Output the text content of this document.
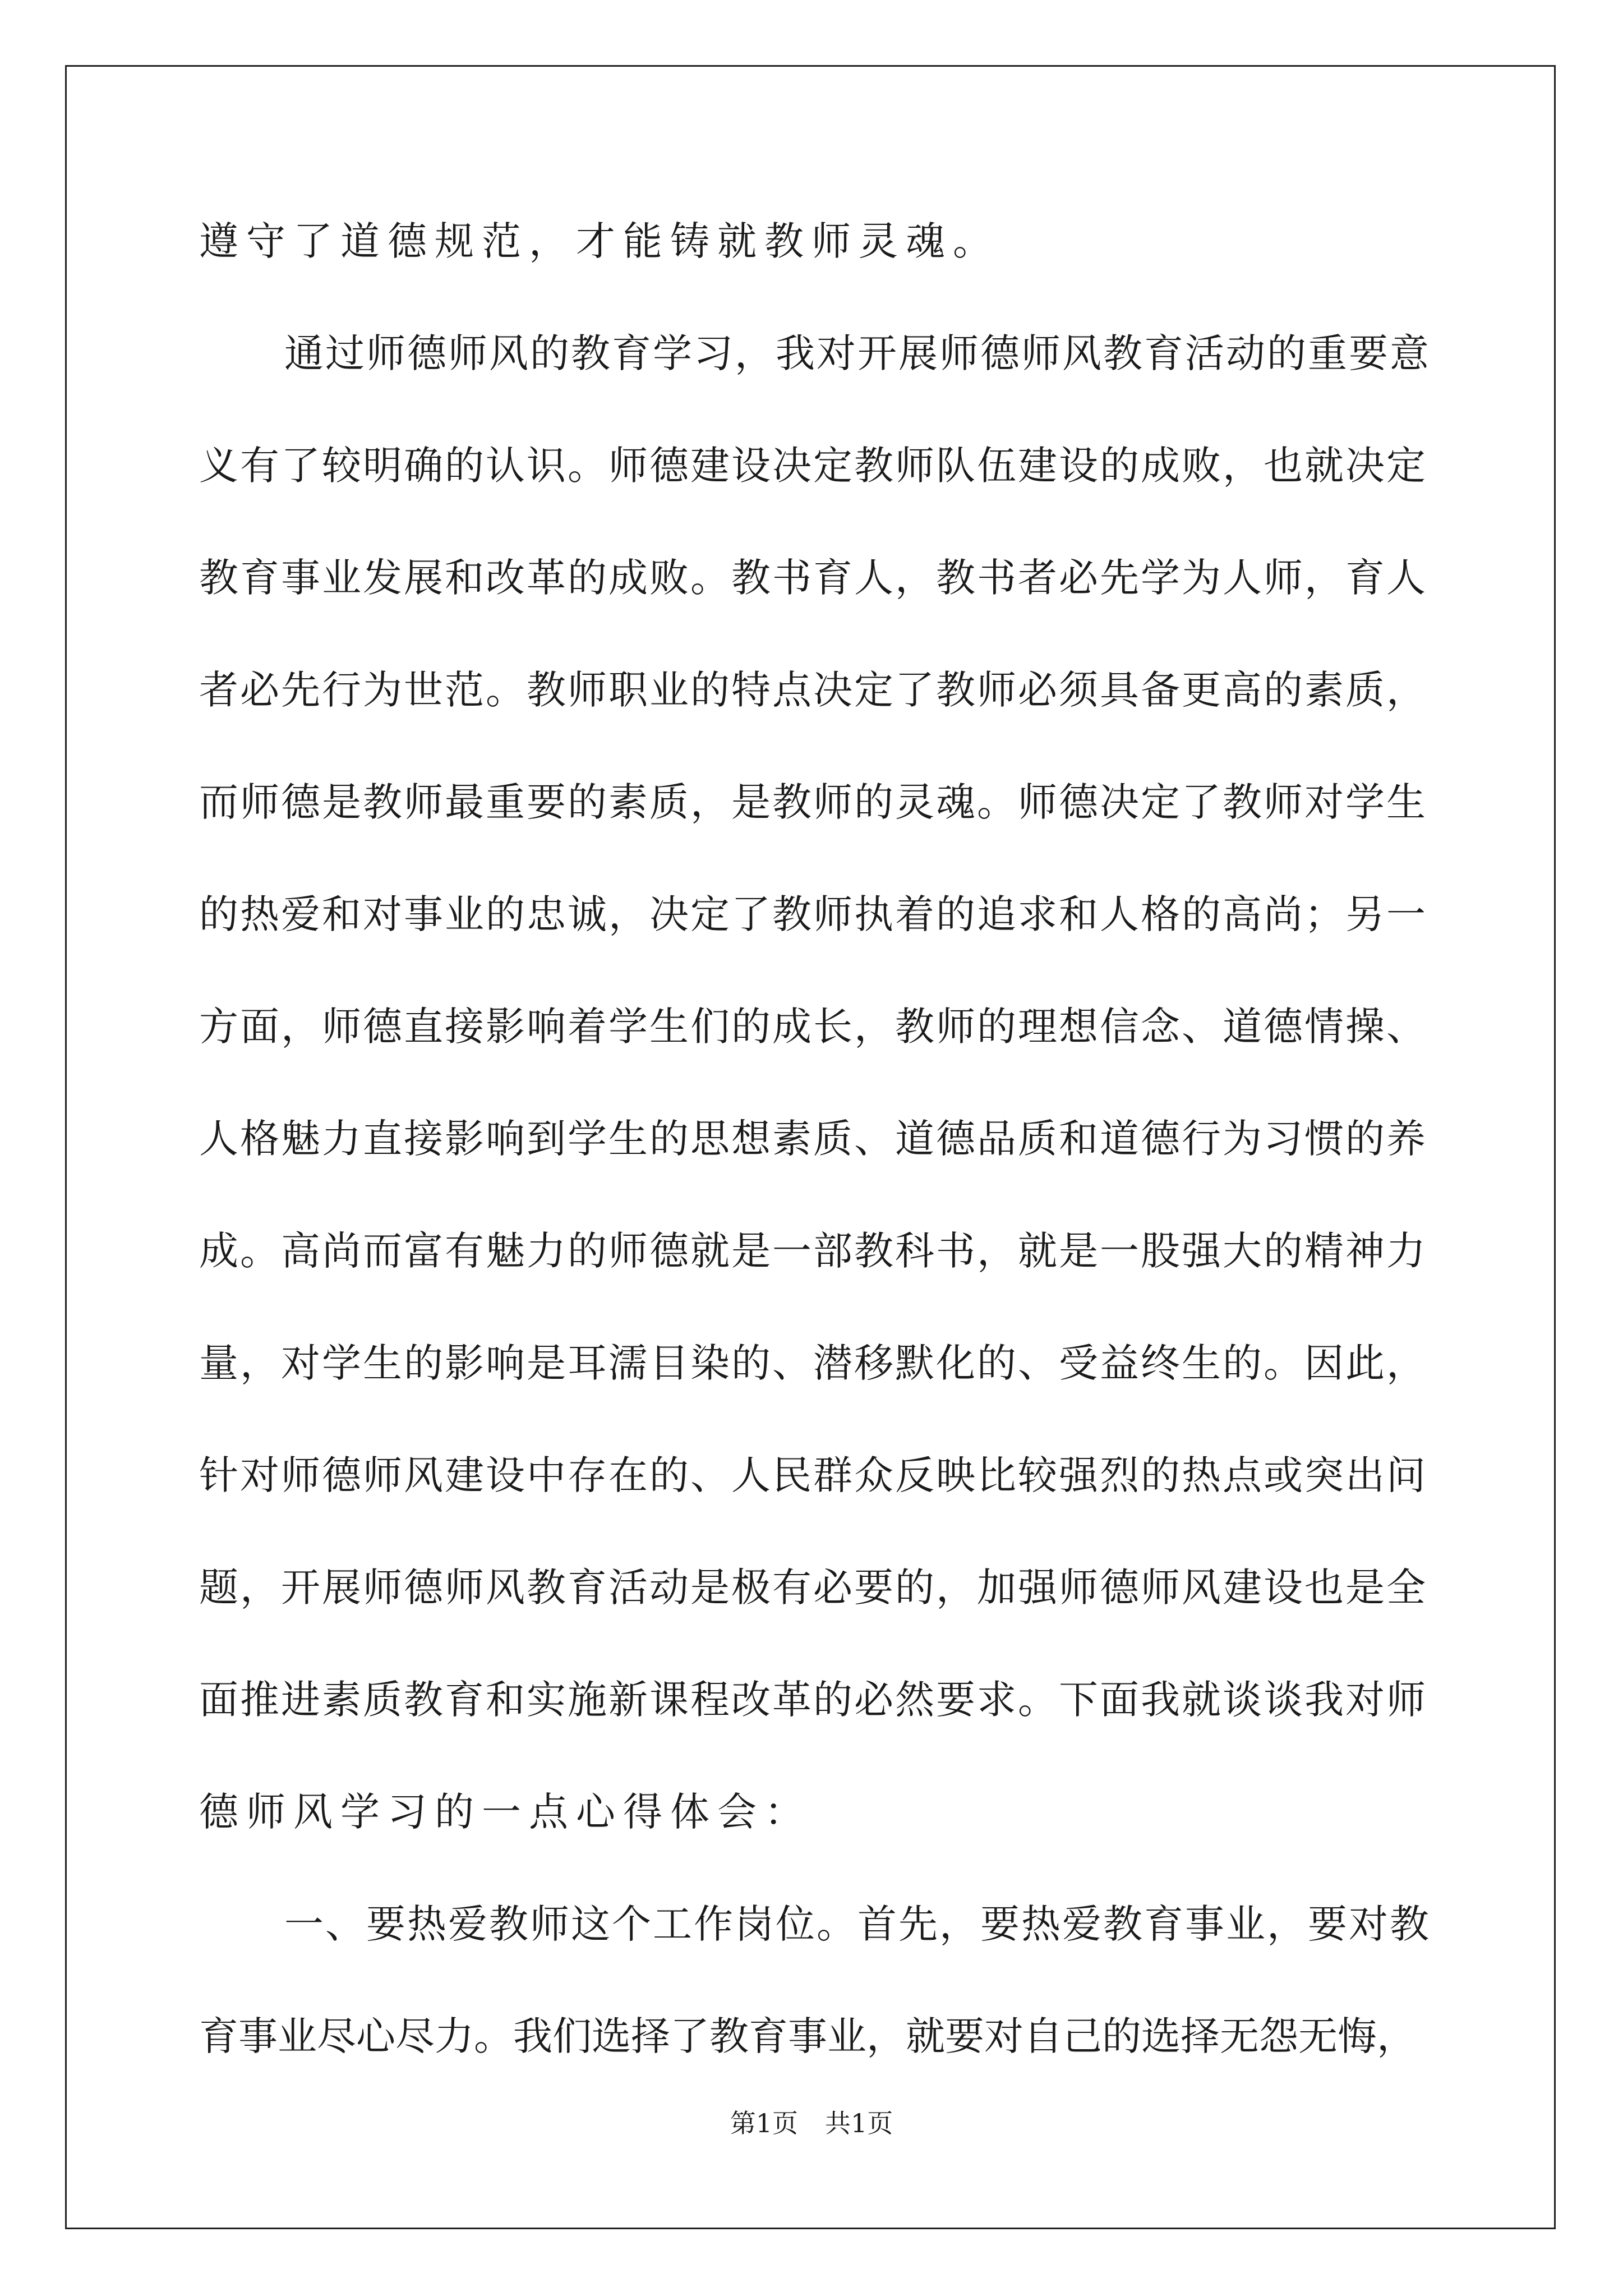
遵守了道德规范，才能铸就教师灵魂。
通过师德师风的教育学习，我对开展师德师风教育活动的重要意
义有了较明确的认识。师德建设决定教师队伍建设的成败，也就决定
教育事业发展和改革的成败。教书育人，教书者必先学为人师，育人
者必先行为世范。教师职业的特点决定了教师必须具备更高的素质，
而师德是教师最重要的素质，是教师的灵魂。师德决定了教师对学生
的热爱和对事业的忠诚，决定了教师执着的追求和人格的高尚；另一
方面，师德直接影响着学生们的成长，教师的理想信念、道德情操、
人格魅力直接影响到学生的思想素质、道德品质和道德行为习惯的养
成。高尚而富有魅力的师德就是一部教科书，就是一股强大的精神力
量，对学生的影响是耳濡目染的、潜移默化的、受益终生的。因此，
针对师德师风建设中存在的、人民群众反映比较强烈的热点或突出问
题，开展师德师风教育活动是极有必要的，加强师德师风建设也是全
面推进素质教育和实施新课程改革的必然要求。下面我就谈谈我对师
德师风学习的一点心得体会：
一、要热爱教师这个工作岗位。首先，要热爱教育事业，要对教
育事业尽心尽力。我们选择了教育事业，就要对自己的选择无怨无悔，
第1页 共1页
